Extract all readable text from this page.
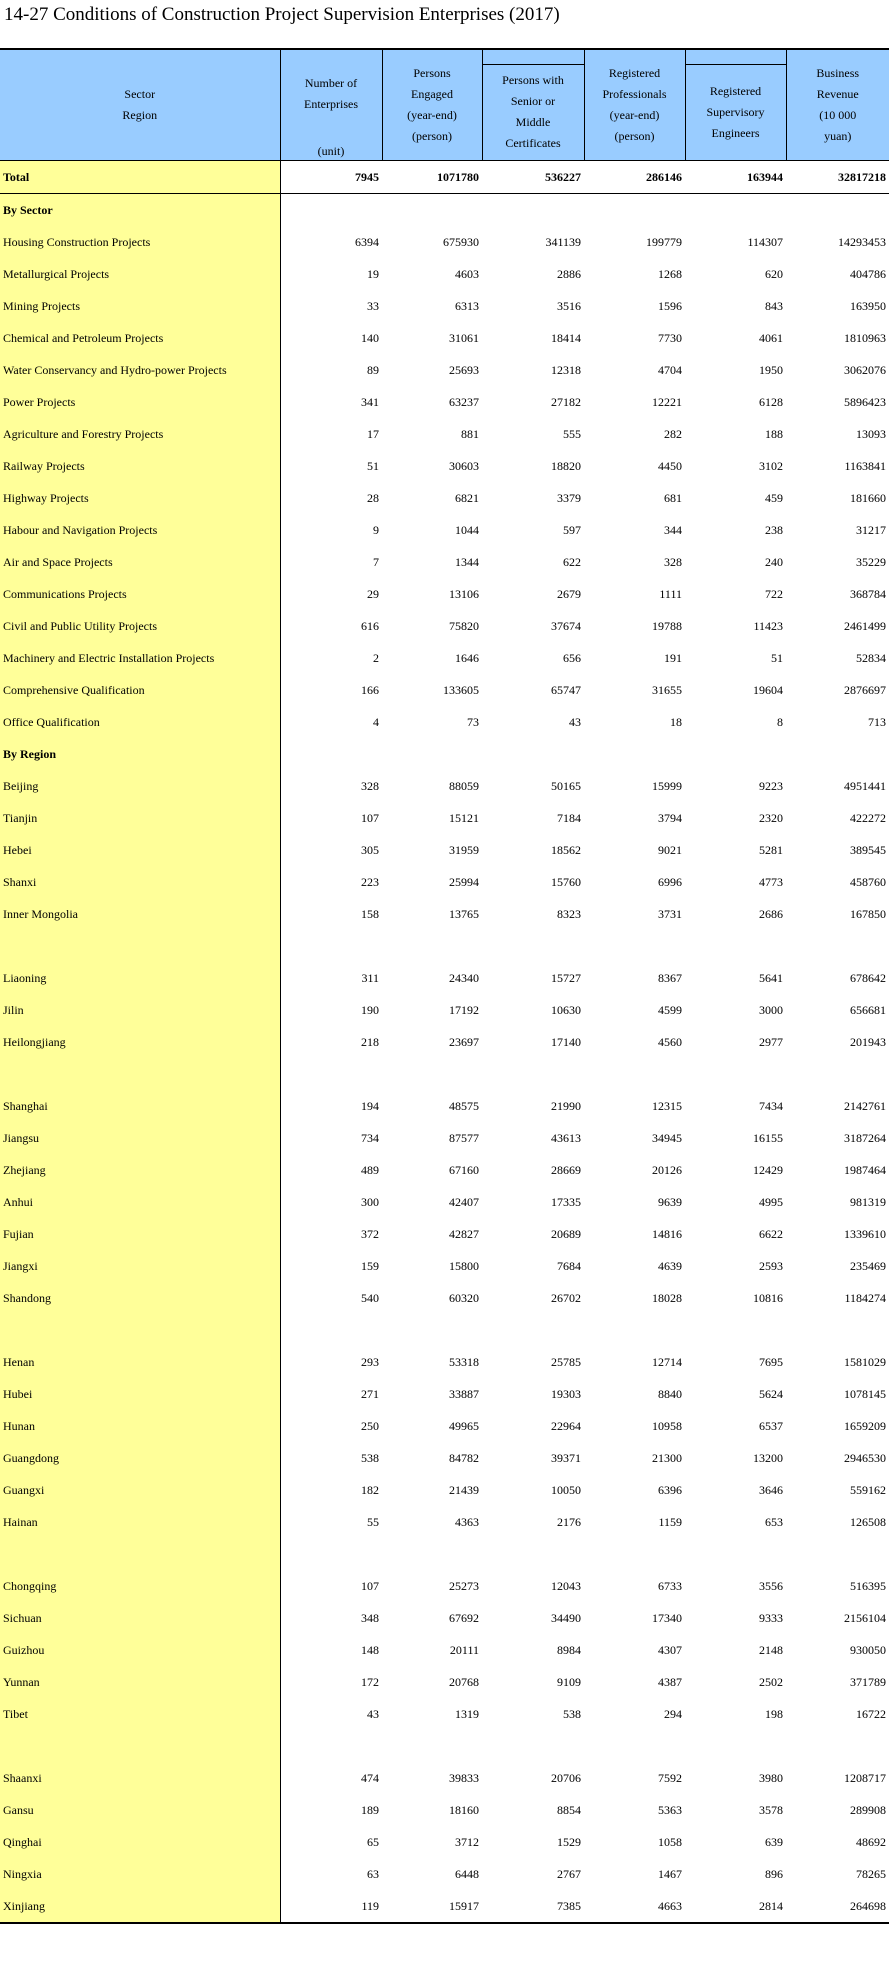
14-27 Conditions of Construction Project Supervision Enterprises (2017)
Sector
Region	Number of
Enterprises

(unit)	Persons
Engaged
(year-end)
(person)	Persons with
Senior or
Middle
Certificates	Registered
Professionals
(year-end)
(person)	Registered
Supervisory
Engineers	Business
Revenue
(10 000
yuan)

Total	7945	1071780	536227	286146	163944	32817218
By Sector						
Housing Construction Projects	6394	675930	341139	199779	114307	14293453
Metallurgical Projects	19	4603	2886	1268	620	404786
Mining Projects	33	6313	3516	1596	843	163950
Chemical and Petroleum Projects	140	31061	18414	7730	4061	1810963
Water Conservancy and Hydro-power Projects	89	25693	12318	4704	1950	3062076
Power Projects	341	63237	27182	12221	6128	5896423
Agriculture and Forestry Projects	17	881	555	282	188	13093
Railway Projects	51	30603	18820	4450	3102	1163841
Highway Projects	28	6821	3379	681	459	181660
Habour and Navigation Projects	9	1044	597	344	238	31217
Air and Space Projects	7	1344	622	328	240	35229
Communications Projects	29	13106	2679	1111	722	368784
Civil and Public Utility Projects	616	75820	37674	19788	11423	2461499
Machinery and Electric Installation Projects	2	1646	656	191	51	52834
Comprehensive Qualification	166	133605	65747	31655	19604	2876697
Office Qualification	4	73	43	18	8	713
By Region						
Beijing	328	88059	50165	15999	9223	4951441
Tianjin	107	15121	7184	3794	2320	422272
Hebei	305	31959	18562	9021	5281	389545
Shanxi	223	25994	15760	6996	4773	458760
Inner Mongolia	158	13765	8323	3731	2686	167850

Liaoning	311	24340	15727	8367	5641	678642
Jilin	190	17192	10630	4599	3000	656681
Heilongjiang	218	23697	17140	4560	2977	201943

Shanghai	194	48575	21990	12315	7434	2142761
Jiangsu	734	87577	43613	34945	16155	3187264
Zhejiang	489	67160	28669	20126	12429	1987464
Anhui	300	42407	17335	9639	4995	981319
Fujian	372	42827	20689	14816	6622	1339610
Jiangxi	159	15800	7684	4639	2593	235469
Shandong	540	60320	26702	18028	10816	1184274

Henan	293	53318	25785	12714	7695	1581029
Hubei	271	33887	19303	8840	5624	1078145
Hunan	250	49965	22964	10958	6537	1659209
Guangdong	538	84782	39371	21300	13200	2946530
Guangxi	182	21439	10050	6396	3646	559162
Hainan	55	4363	2176	1159	653	126508

Chongqing	107	25273	12043	6733	3556	516395
Sichuan	348	67692	34490	17340	9333	2156104
Guizhou	148	20111	8984	4307	2148	930050
Yunnan	172	20768	9109	4387	2502	371789
Tibet	43	1319	538	294	198	16722

Shaanxi	474	39833	20706	7592	3980	1208717
Gansu	189	18160	8854	5363	3578	289908
Qinghai	65	3712	1529	1058	639	48692
Ningxia	63	6448	2767	1467	896	78265
Xinjiang	119	15917	7385	4663	2814	264698
